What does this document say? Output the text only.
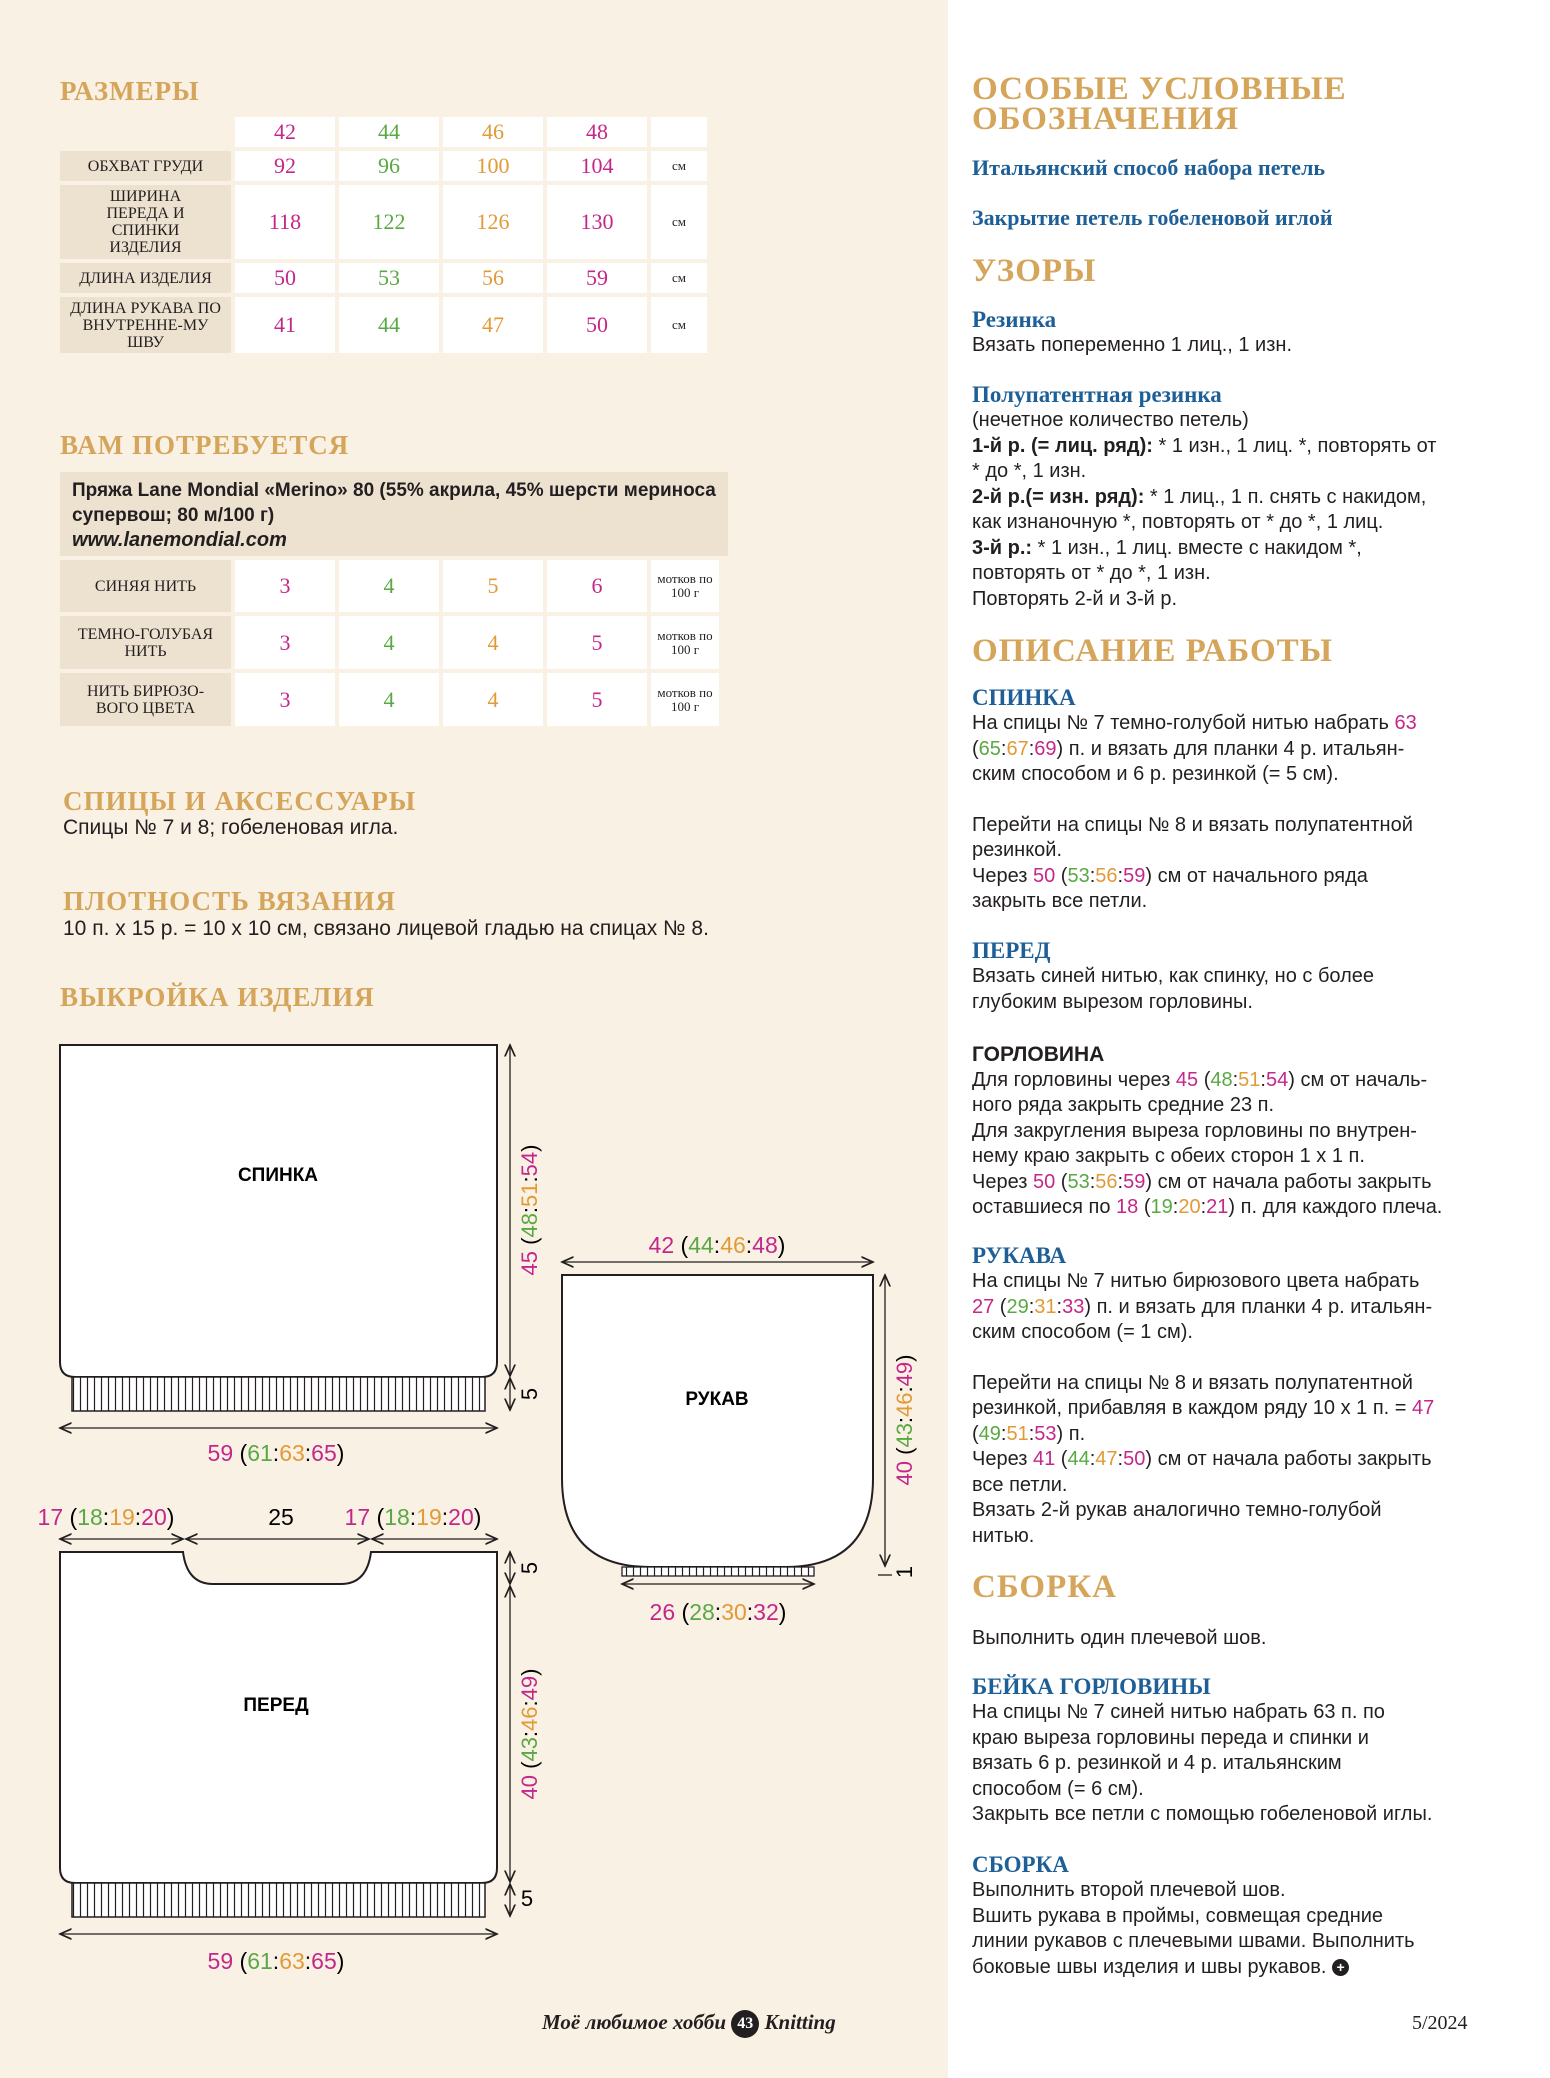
РАЗМЕРЫ
	42	44	46	48	
ОБХВАТ ГРУДИ	92	96	100	104	см
ШИРИНА ПЕРЕДА И СПИНКИ ИЗДЕЛИЯ	118	122	126	130	см
ДЛИНА ИЗДЕЛИЯ	50	53	56	59	см
ДЛИНА РУКАВА ПО ВНУТРЕННЕ-МУ ШВУ	41	44	47	50	см
ВАМ ПОТРЕБУЕТСЯ
Пряжа Lane Mondial «Merino» 80 (55% акрила, 45% шерсти мериноса
супервош; 80 м/100 г)
www.lanemondial.com
СИНЯЯ НИТЬ	3	4	5	6	мотков по 100 г
ТЕМНО-ГОЛУБАЯ НИТЬ	3	4	4	5	мотков по 100 г
НИТЬ БИРЮЗО-ВОГО ЦВЕТА	3	4	4	5	мотков по 100 г
СПИЦЫ И АКСЕССУАРЫ
Спицы № 7 и 8; гобеленовая игла.
ПЛОТНОСТЬ ВЯЗАНИЯ
10 п. х 15 р. = 10 х 10 см, связано лицевой гладью на спицах № 8.
ВЫКРОЙКА ИЗДЕЛИЯ
СПИНКА
45 (48:51:54)
5
59 (61:63:65)
42 (44:46:48)
РУКАВ
40 (43:46:49)
1
26 (28:30:32)
17 (18:19:20)	25 17 (18:19:20)
ПЕРЕД
5
40 (43:46:49)
5
59 (61:63:65)
Моё любимое хобби 43 Knitting
ОСОБЫЕ УСЛОВНЫЕ ОБОЗНАЧЕНИЯ
Итальянский способ набора петель
Закрытие петель гобеленовой иглой
УЗОРЫ
Резинка
Вязать попеременно 1 лиц., 1 изн.
Полупатентная резинка
(нечетное количество петель)
1-й р. (= лиц. ряд): * 1 изн., 1 лиц. *, повторять от
* до *, 1 изн.
2-й р.(= изн. ряд): * 1 лиц., 1 п. снять с накидом,
как изнаночную *, повторять от * до *, 1 лиц.
3-й р.: * 1 изн., 1 лиц. вместе с накидом *,
повторять от * до *, 1 изн.
Повторять 2-й и 3-й р.
ОПИСАНИЕ РАБОТЫ
СПИНКА
На спицы № 7 темно-голубой нитью набрать 63
(65:67:69) п. и вязать для планки 4 р. итальян-
ским способом и 6 р. резинкой (= 5 см).
Перейти на спицы № 8 и вязать полупатентной
резинкой.
Через 50 (53:56:59) см от начального ряда
закрыть все петли.
ПЕРЕД
Вязать синей нитью, как спинку, но с более
глубоким вырезом горловины.
ГОРЛОВИНА
Для горловины через 45 (48:51:54) см от началь-
ного ряда закрыть средние 23 п.
Для закругления выреза горловины по внутрен-
нему краю закрыть с обеих сторон 1 х 1 п.
Через 50 (53:56:59) см от начала работы закрыть
оставшиеся по 18 (19:20:21) п. для каждого плеча.
РУКАВА
На спицы № 7 нитью бирюзового цвета набрать
27 (29:31:33) п. и вязать для планки 4 р. итальян-
ским способом (= 1 см).
Перейти на спицы № 8 и вязать полупатентной
резинкой, прибавляя в каждом ряду 10 х 1 п. = 47
(49:51:53) п.
Через 41 (44:47:50) см от начала работы закрыть
все петли.
Вязать 2-й рукав аналогично темно-голубой
нитью.
СБОРКА
Выполнить один плечевой шов.
БЕЙКА ГОРЛОВИНЫ
На спицы № 7 синей нитью набрать 63 п. по
краю выреза горловины переда и спинки и
вязать 6 р. резинкой и 4 р. итальянским
способом (= 6 см).
Закрыть все петли с помощью гобеленовой иглы.
СБОРКА
Выполнить второй плечевой шов.
Вшить рукава в проймы, совмещая средние
линии рукавов с плечевыми швами. Выполнить
боковые швы изделия и швы рукавов. +
5/2024
